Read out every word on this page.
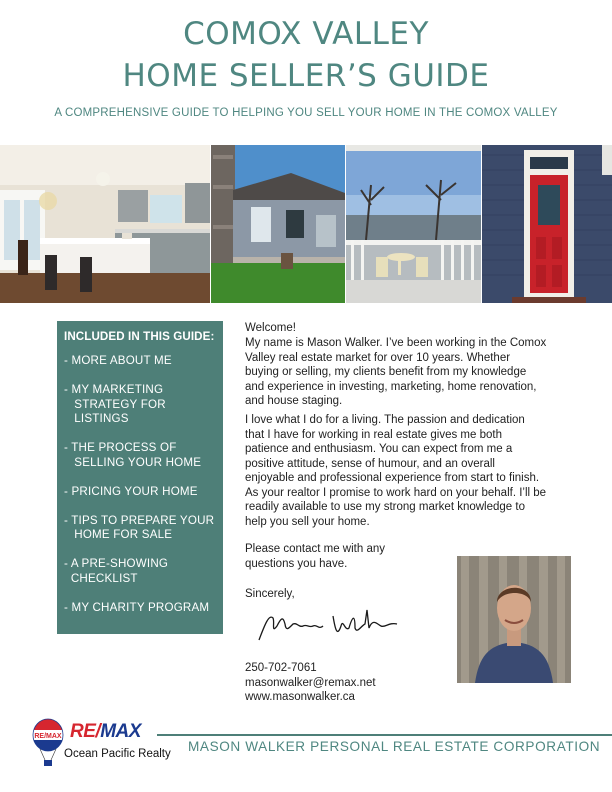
COMOX VALLEY
HOME SELLER’S GUIDE
A COMPREHENSIVE GUIDE TO HELPING YOU SELL YOUR HOME IN THE COMOX VALLEY
INCLUDED IN THIS GUIDE:
- MORE ABOUT ME
- MY MARKETING
STRATEGY FOR
LISTINGS
- THE PROCESS OF
SELLING YOUR HOME
- PRICING YOUR HOME
- TIPS TO PREPARE YOUR
HOME FOR SALE
- A PRE-SHOWING
CHECKLIST
- MY CHARITY PROGRAM

Welcome!

My name is Mason Walker. I’ve been working in the Comox
Valley real estate market for over 10 years. Whether
buying or selling, my clients benefit from my knowledge
and experience in investing, marketing, home renovation,
and house staging.

I love what I do for a living. The passion and dedication
that I have for working in real estate gives me both
patience and enthusiasm. You can expect from me a
positive attitude, sense of humour, and an overall
enjoyable and professional experience from start to finish.
As your realtor I promise to work hard on your behalf. I’ll be
readily available to use my strong market knowledge to
help you sell your home.

Please contact me with any
questions you have.

Sincerely,

250-702-7061
masonwalker@remax.net
www.masonwalker.ca
RE/MAX RE/MAX
Ocean Pacific Realty MASON WALKER PERSONAL REAL ESTATE CORPORATION
